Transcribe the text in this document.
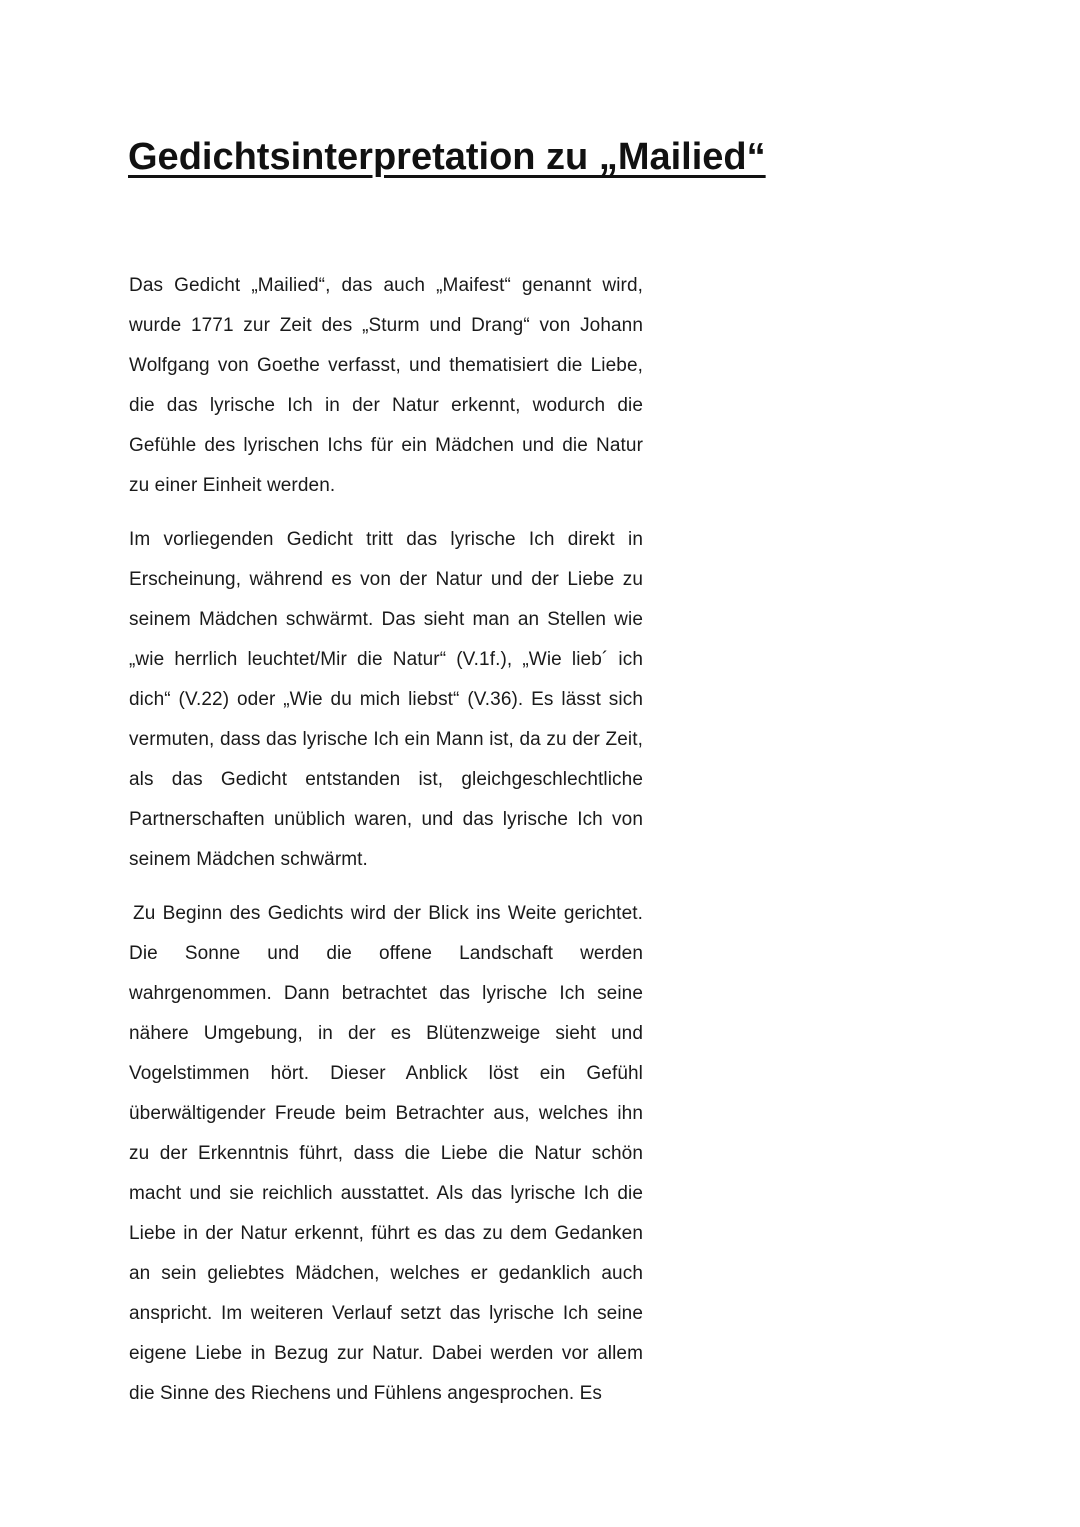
Gedichtsinterpretation zu „Mailied“

Das Gedicht „Mailied“, das auch „Maifest“ genannt wird, wurde 1771 zur Zeit des „Sturm und Drang“ von Johann Wolfgang von Goethe verfasst, und thematisiert die Liebe, die das lyrische Ich in der Natur erkennt, wodurch die Gefühle des lyrischen Ichs für ein Mädchen und die Natur zu einer Einheit werden.

Im vorliegenden Gedicht tritt das lyrische Ich direkt in Erscheinung, während es von der Natur und der Liebe zu seinem Mädchen schwärmt. Das sieht man an Stellen wie „wie herrlich leuchtet/Mir die Natur“ (V.1f.), „Wie lieb´ ich dich“ (V.22) oder „Wie du mich liebst“ (V.36). Es lässt sich vermuten, dass das lyrische Ich ein Mann ist, da zu der Zeit, als das Gedicht entstanden ist, gleichgeschlechtliche Partnerschaften unüblich waren, und das lyrische Ich von seinem Mädchen schwärmt.

Zu Beginn des Gedichts wird der Blick ins Weite gerichtet. Die Sonne und die offene Landschaft werden wahrgenommen. Dann betrachtet das lyrische Ich seine nähere Umgebung, in der es Blütenzweige sieht und Vogelstimmen hört. Dieser Anblick löst ein Gefühl überwältigender Freude beim Betrachter aus, welches ihn zu der Erkenntnis führt, dass die Liebe die Natur schön macht und sie reichlich ausstattet. Als das lyrische Ich die Liebe in der Natur erkennt, führt es das zu dem Gedanken an sein geliebtes Mädchen, welches er gedanklich auch anspricht. Im weiteren Verlauf setzt das lyrische Ich seine eigene Liebe in Bezug zur Natur. Dabei werden vor allem die Sinne des Riechens und Fühlens angesprochen. Es
